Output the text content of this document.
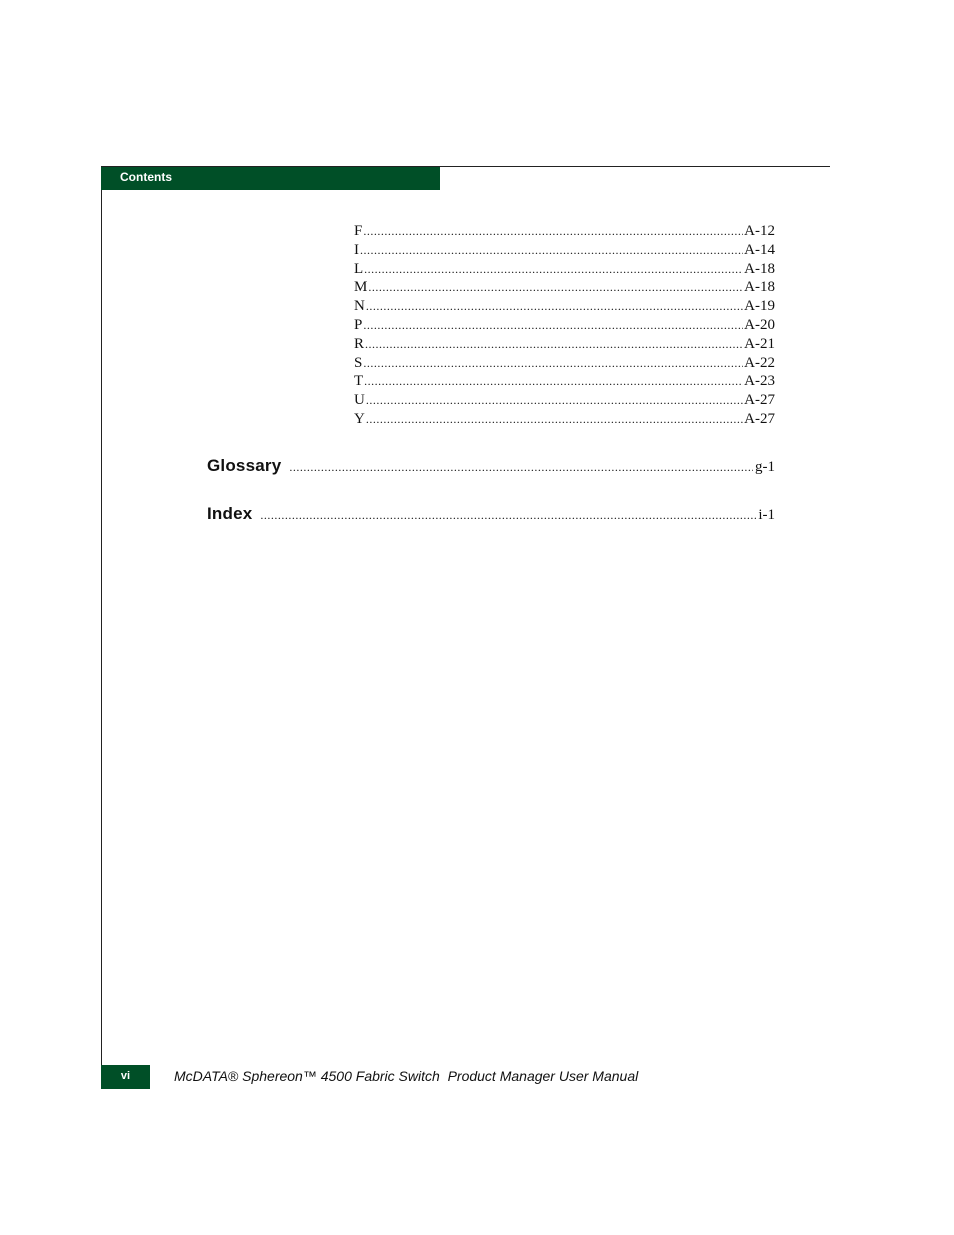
Contents
F .....	A-12
I .....	A-14
L .....	A-18
M .....	A-18
N .....	A-19
P .....	A-20
R .....	A-21
S .....	A-22
T .....	A-23
U .....	A-27
Y .....	A-27
Glossary .....	g-1
Index .....	i-1
vi	McDATA® Sphereon™ 4500 Fabric Switch  Product Manager User Manual
